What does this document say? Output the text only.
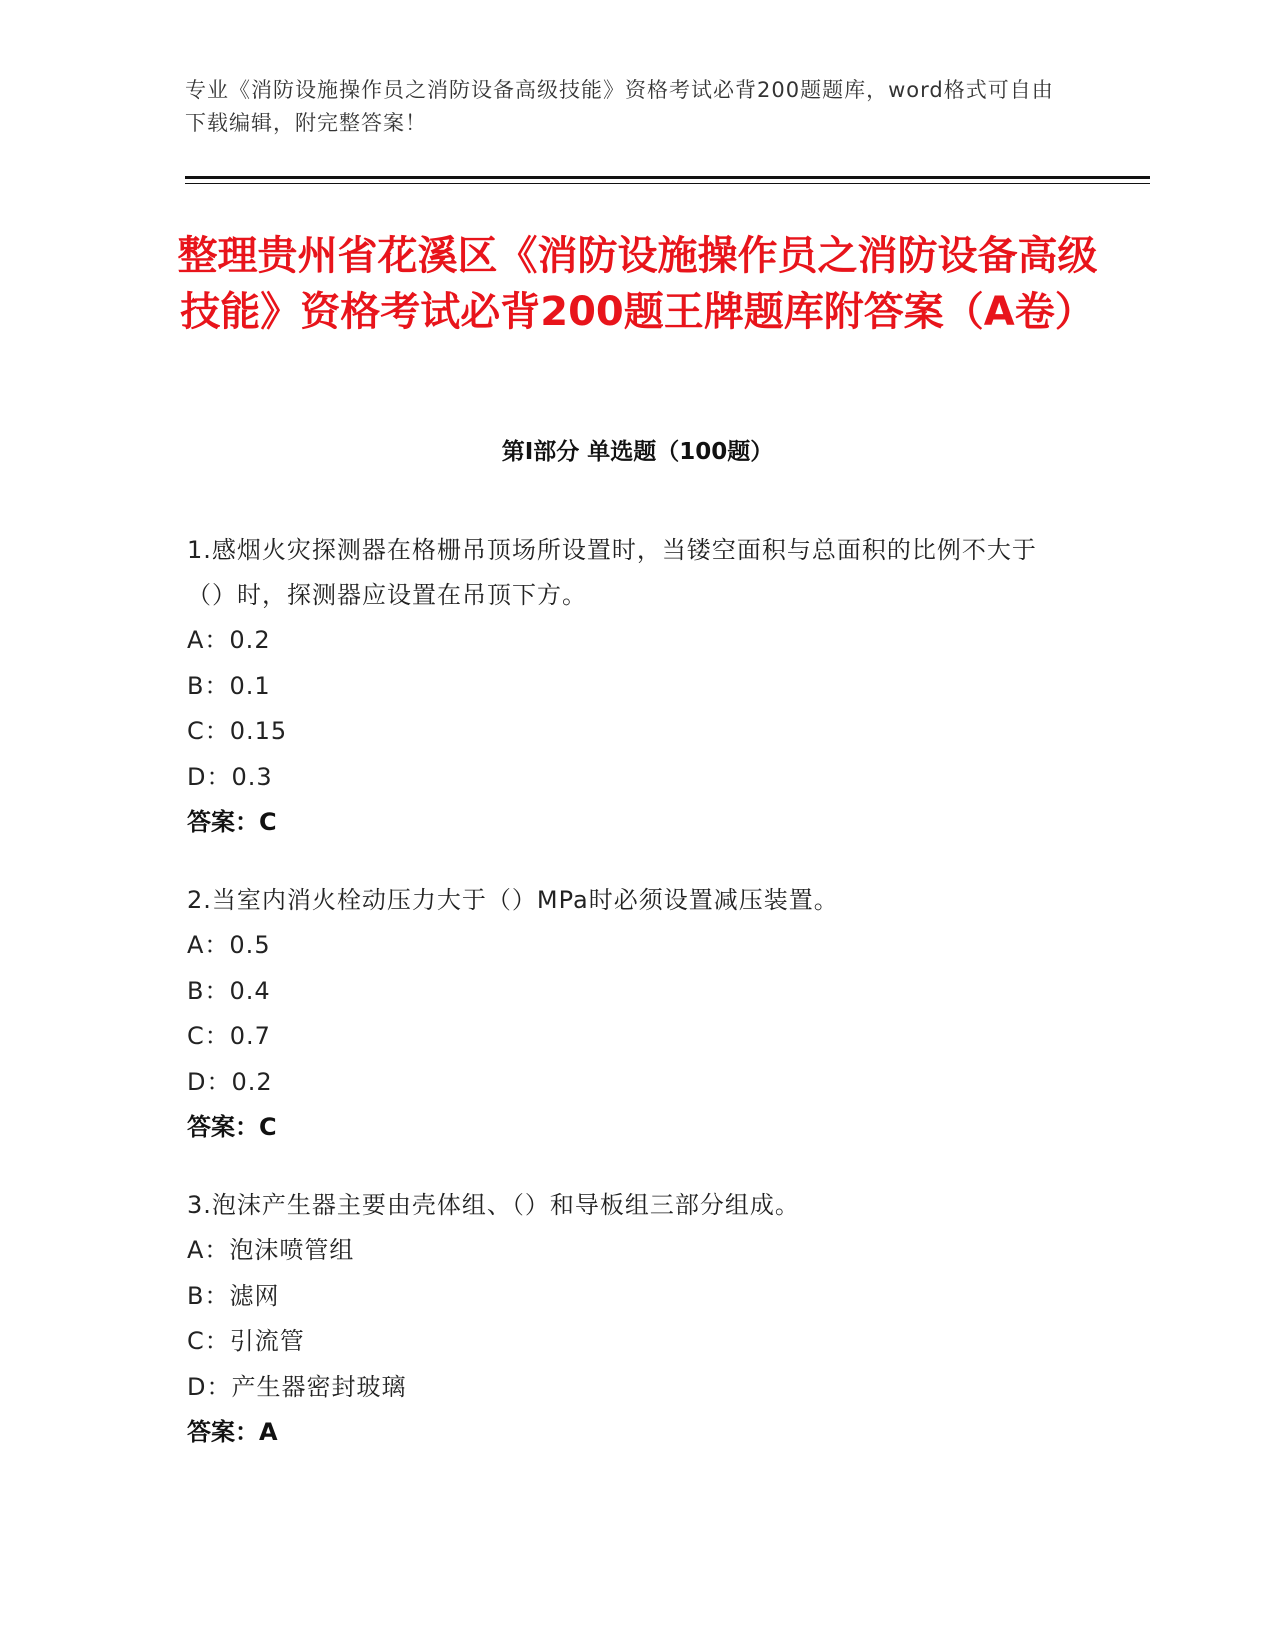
专业《消防设施操作员之消防设备高级技能》资格考试必背200题题库，word格式可自由下载编辑，附完整答案！
整理贵州省花溪区《消防设施操作员之消防设备高级技能》资格考试必背200题王牌题库附答案（A卷）
第Ⅰ部分 单选题（100题）
1.感烟火灾探测器在格栅吊顶场所设置时，当镂空面积与总面积的比例不大于（）时，探测器应设置在吊顶下方。
A：0.2
B：0.1
C：0.15
D：0.3
答案：C
2.当室内消火栓动压力大于（）MPa时必须设置减压装置。
A：0.5
B：0.4
C：0.7
D：0.2
答案：C
3.泡沫产生器主要由壳体组、（）和导板组三部分组成。
A：泡沫喷管组
B：滤网
C：引流管
D：产生器密封玻璃
答案：A
